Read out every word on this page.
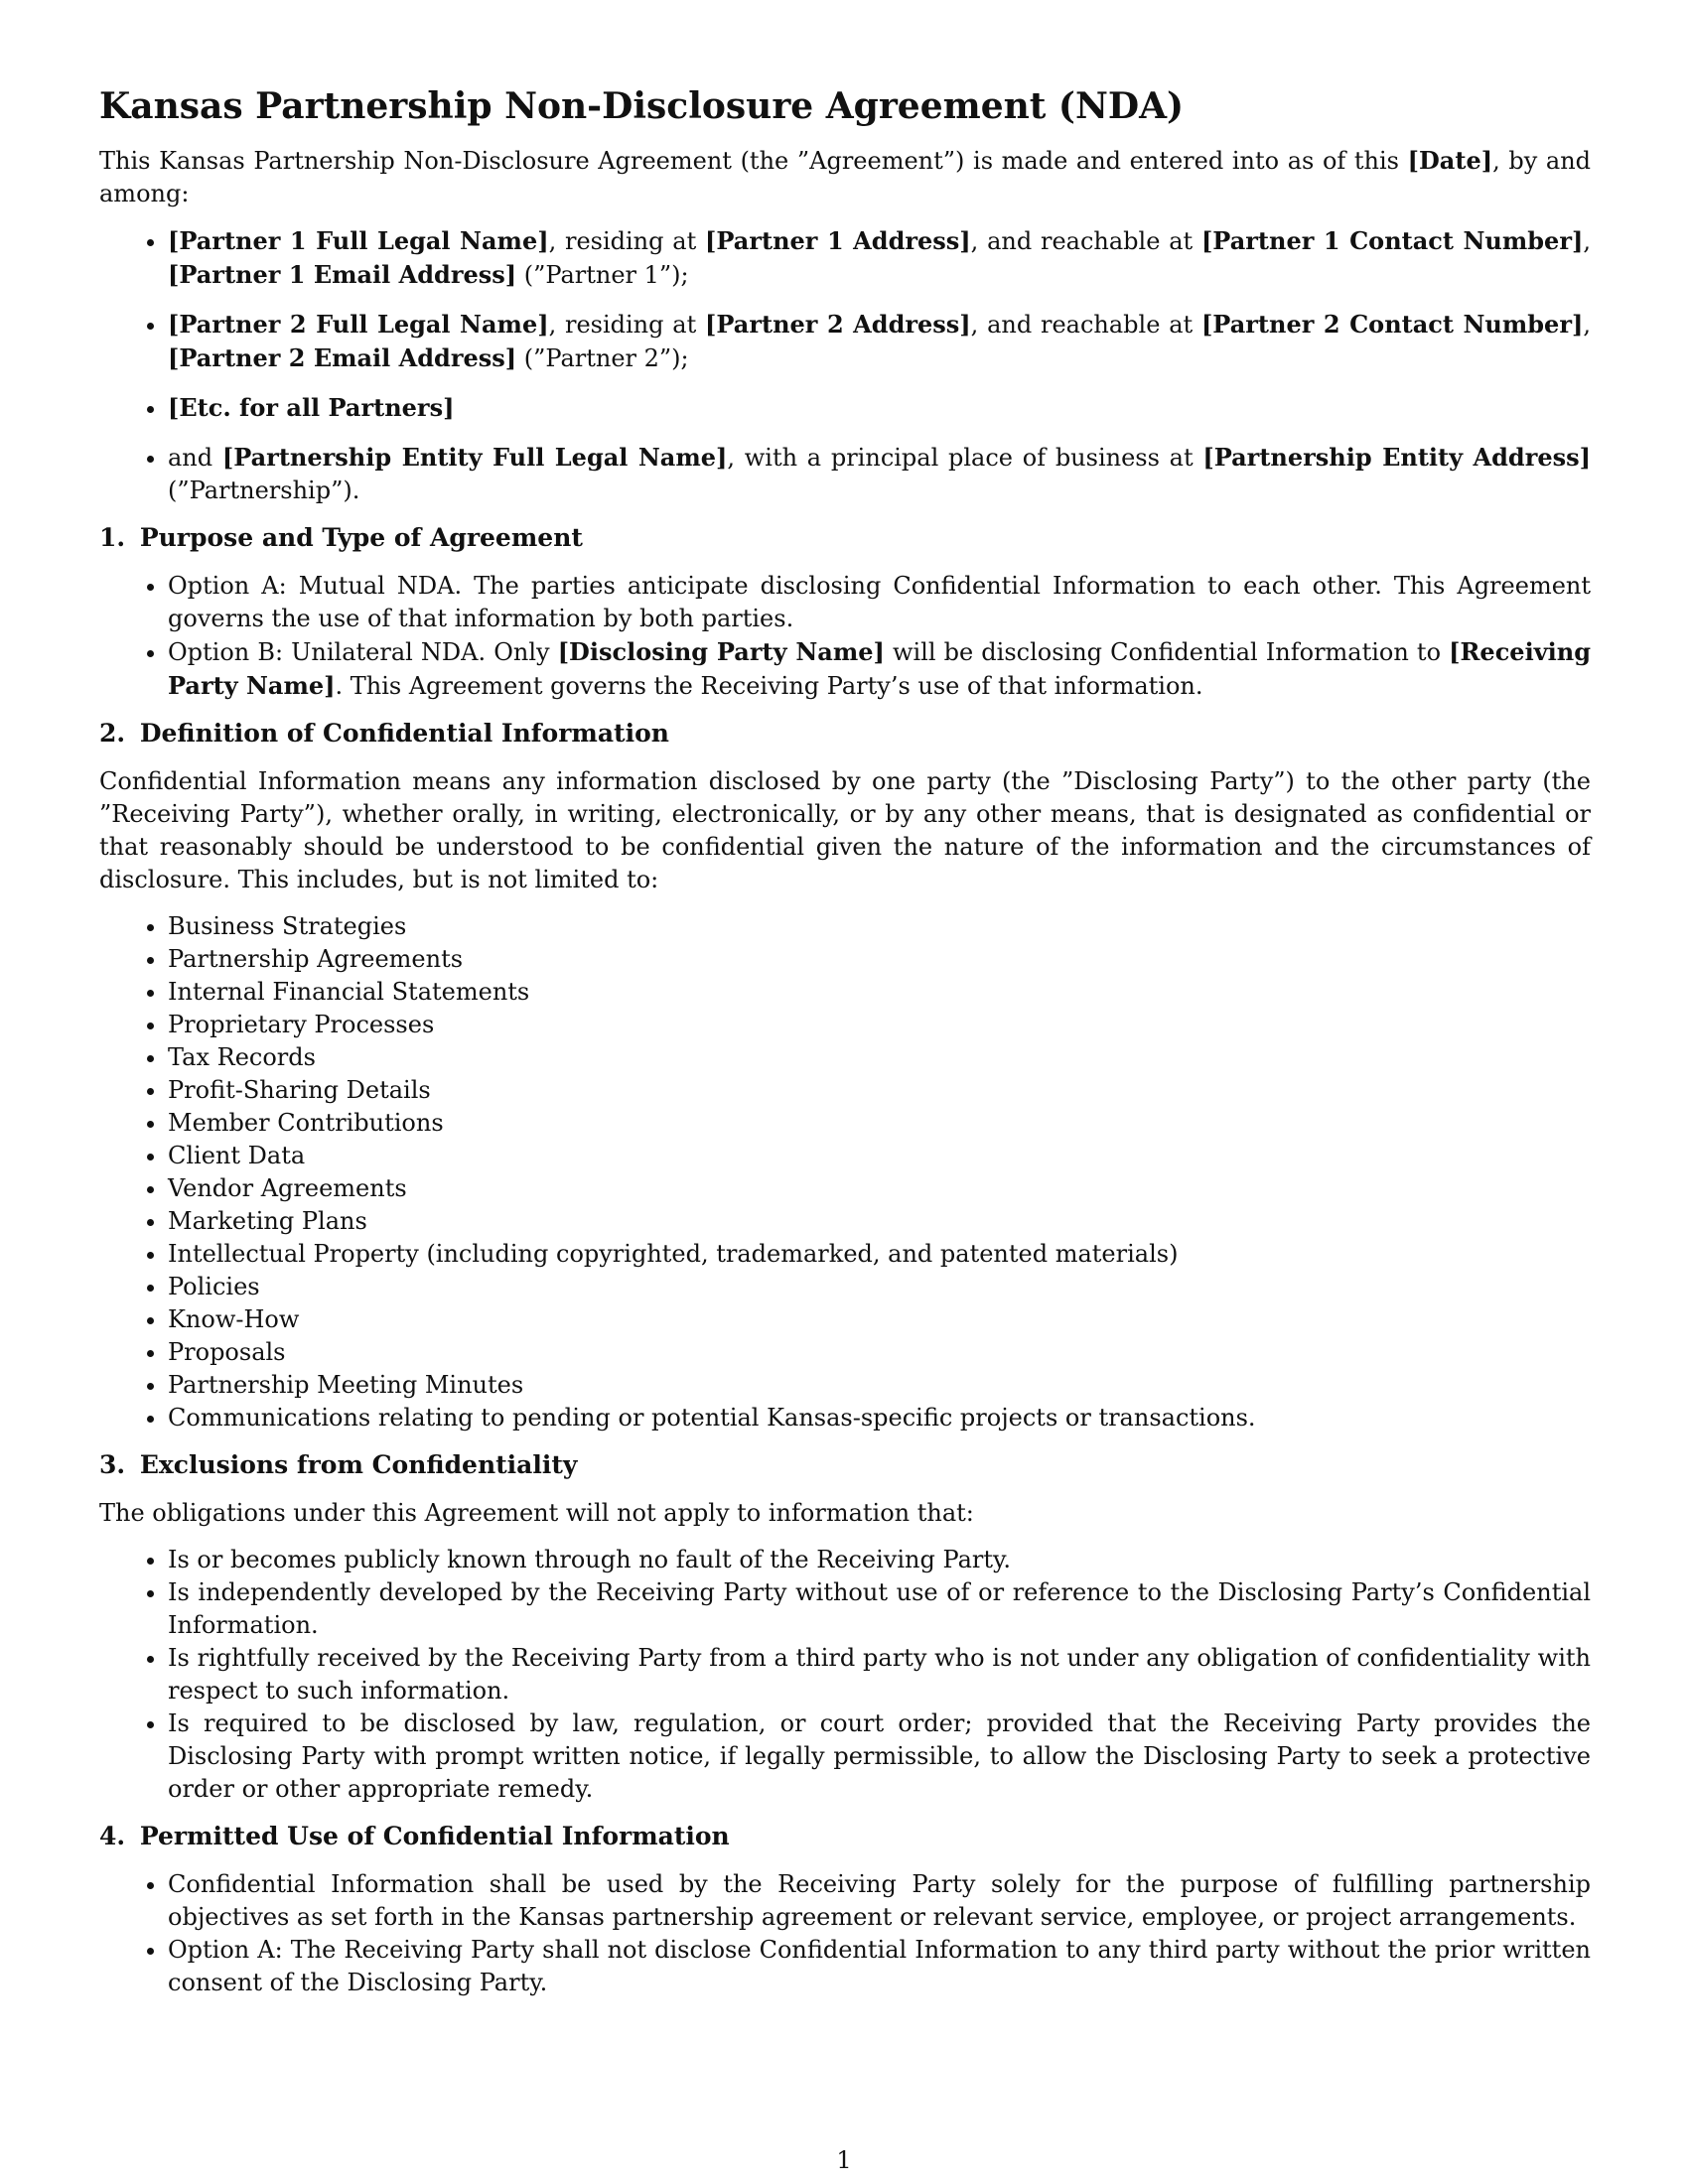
Kansas Partnership Non-Disclosure Agreement (NDA)

This Kansas Partnership Non-Disclosure Agreement (the ”Agreement”) is made and entered into as of this [Date], by and among:

• [Partner 1 Full Legal Name], residing at [Partner 1 Address], and reachable at [Partner 1 Contact Number], [Partner 1 Email Address] (”Partner 1”);
• [Partner 2 Full Legal Name], residing at [Partner 2 Address], and reachable at [Partner 2 Contact Number], [Partner 2 Email Address] (”Partner 2”);
• [Etc. for all Partners]
• and [Partnership Entity Full Legal Name], with a principal place of business at [Partnership Entity Address] (”Partnership”).
1. Purpose and Type of Agreement
• Option A: Mutual NDA. The parties anticipate disclosing Confidential Information to each other. This Agreement governs the use of that information by both parties.
• Option B: Unilateral NDA. Only [Disclosing Party Name] will be disclosing Confidential Information to [Receiving Party Name]. This Agreement governs the Receiving Party’s use of that information.
2. Definition of Confidential Information

Confidential Information means any information disclosed by one party (the ”Disclosing Party”) to the other party (the ”Receiving Party”), whether orally, in writing, electronically, or by any other means, that is designated as confidential or that reasonably should be understood to be confidential given the nature of the information and the circumstances of disclosure. This includes, but is not limited to:

• Business Strategies
• Partnership Agreements
• Internal Financial Statements
• Proprietary Processes
• Tax Records
• Profit-Sharing Details
• Member Contributions
• Client Data
• Vendor Agreements
• Marketing Plans
• Intellectual Property (including copyrighted, trademarked, and patented materials)
• Policies
• Know-How
• Proposals
• Partnership Meeting Minutes
• Communications relating to pending or potential Kansas-specific projects or transactions.
3. Exclusions from Confidentiality

The obligations under this Agreement will not apply to information that:

• Is or becomes publicly known through no fault of the Receiving Party.
• Is independently developed by the Receiving Party without use of or reference to the Disclosing Party’s Confidential Information.
• Is rightfully received by the Receiving Party from a third party who is not under any obligation of confidentiality with respect to such information.
• Is required to be disclosed by law, regulation, or court order; provided that the Receiving Party provides the Disclosing Party with prompt written notice, if legally permissible, to allow the Disclosing Party to seek a protective order or other appropriate remedy.
4. Permitted Use of Confidential Information
• Confidential Information shall be used by the Receiving Party solely for the purpose of fulfilling partnership objectives as set forth in the Kansas partnership agreement or relevant service, employee, or project arrangements.
• Option A: The Receiving Party shall not disclose Confidential Information to any third party without the prior written consent of the Disclosing Party.
1
